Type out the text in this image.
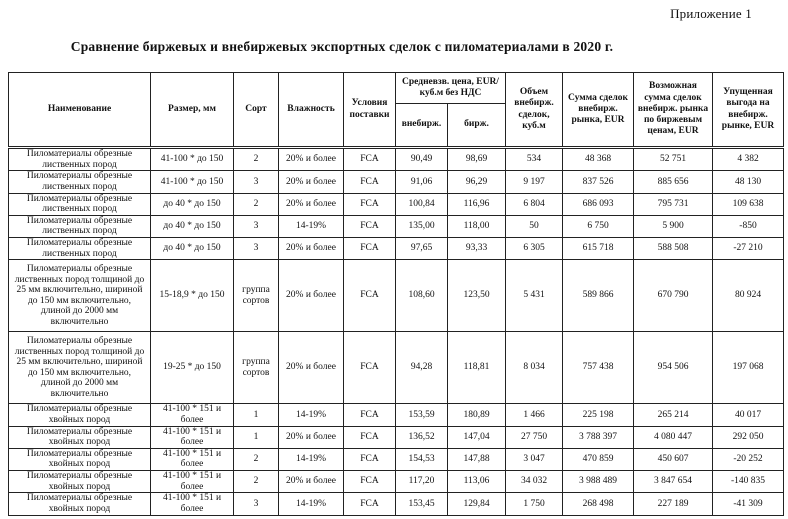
Приложение 1
Сравнение биржевых и внебиржевых экспортных сделок с пиломатериалами в 2020 г.
Наименование	Размер, мм	Сорт	Влажность	Условия поставки	Средневзв. цена, EUR/куб.м без НДС		Объем внебирж. сделок, куб.м	Сумма сделок внебирж. рынка, EUR	Возможная сумма сделок внебирж. рынка по биржевым ценам, EUR	Упущенная выгода на внебирж. рынке, EUR
					внебирж.	бирж.				
Пиломатериалы обрезные лиственных пород	41-100 * до 150	2	20% и более	FCA	90,49	98,69	534	48 368	52 751	4 382
Пиломатериалы обрезные лиственных пород	41-100 * до 150	3	20% и более	FCA	91,06	96,29	9 197	837 526	885 656	48 130
Пиломатериалы обрезные лиственных пород	до 40 * до 150	2	20% и более	FCA	100,84	116,96	6 804	686 093	795 731	109 638
Пиломатериалы обрезные лиственных пород	до 40 * до 150	3	14-19%	FCA	135,00	118,00	50	6 750	5 900	-850
Пиломатериалы обрезные лиственных пород	до 40 * до 150	3	20% и более	FCA	97,65	93,33	6 305	615 718	588 508	-27 210
Пиломатериалы обрезные лиственных пород толщиной до 25 мм включительно, шириной до 150 мм включительно, длиной до 2000 мм включительно	15-18,9 * до 150	группа сортов	20% и более	FCA	108,60	123,50	5 431	589 866	670 790	80 924
Пиломатериалы обрезные лиственных пород толщиной до 25 мм включительно, шириной до 150 мм включительно, длиной до 2000 мм включительно	19-25 * до 150	группа сортов	20% и более	FCA	94,28	118,81	8 034	757 438	954 506	197 068
Пиломатериалы обрезные хвойных пород	41-100 * 151 и более	1	14-19%	FCA	153,59	180,89	1 466	225 198	265 214	40 017
Пиломатериалы обрезные хвойных пород	41-100 * 151 и более	1	20% и более	FCA	136,52	147,04	27 750	3 788 397	4 080 447	292 050
Пиломатериалы обрезные хвойных пород	41-100 * 151 и более	2	14-19%	FCA	154,53	147,88	3 047	470 859	450 607	-20 252
Пиломатериалы обрезные хвойных пород	41-100 * 151 и более	2	20% и более	FCA	117,20	113,06	34 032	3 988 489	3 847 654	-140 835
Пиломатериалы обрезные хвойных пород	41-100 * 151 и более	3	14-19%	FCA	153,45	129,84	1 750	268 498	227 189	-41 309
